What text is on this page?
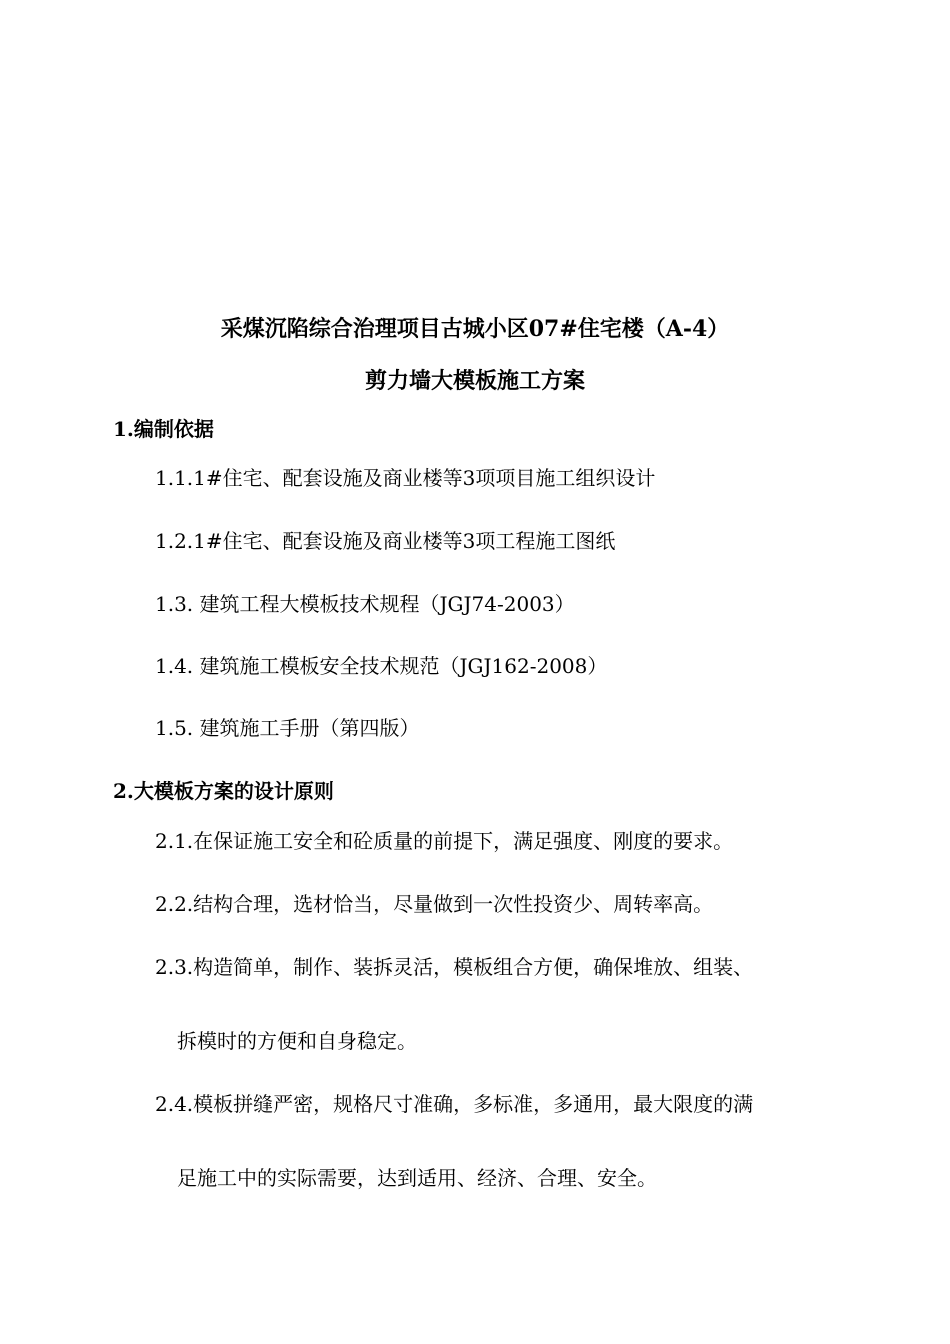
采煤沉陷综合治理项目古城小区07#住宅楼（A-4）
剪力墙大模板施工方案
1.编制依据
1.1.1#住宅、配套设施及商业楼等3项项目施工组织设计
1.2.1#住宅、配套设施及商业楼等3项工程施工图纸
1.3. 建筑工程大模板技术规程（JGJ74-2003）
1.4. 建筑施工模板安全技术规范（JGJ162-2008）
1.5. 建筑施工手册（第四版）
2.大模板方案的设计原则
2.1.在保证施工安全和砼质量的前提下，满足强度、刚度的要求。
2.2.结构合理，选材恰当，尽量做到一次性投资少、周转率高。
2.3.构造简单，制作、装拆灵活，模板组合方便，确保堆放、组装、
拆模时的方便和自身稳定。
2.4.模板拼缝严密，规格尺寸准确，多标准，多通用，最大限度的满
足施工中的实际需要，达到适用、经济、合理、安全。
